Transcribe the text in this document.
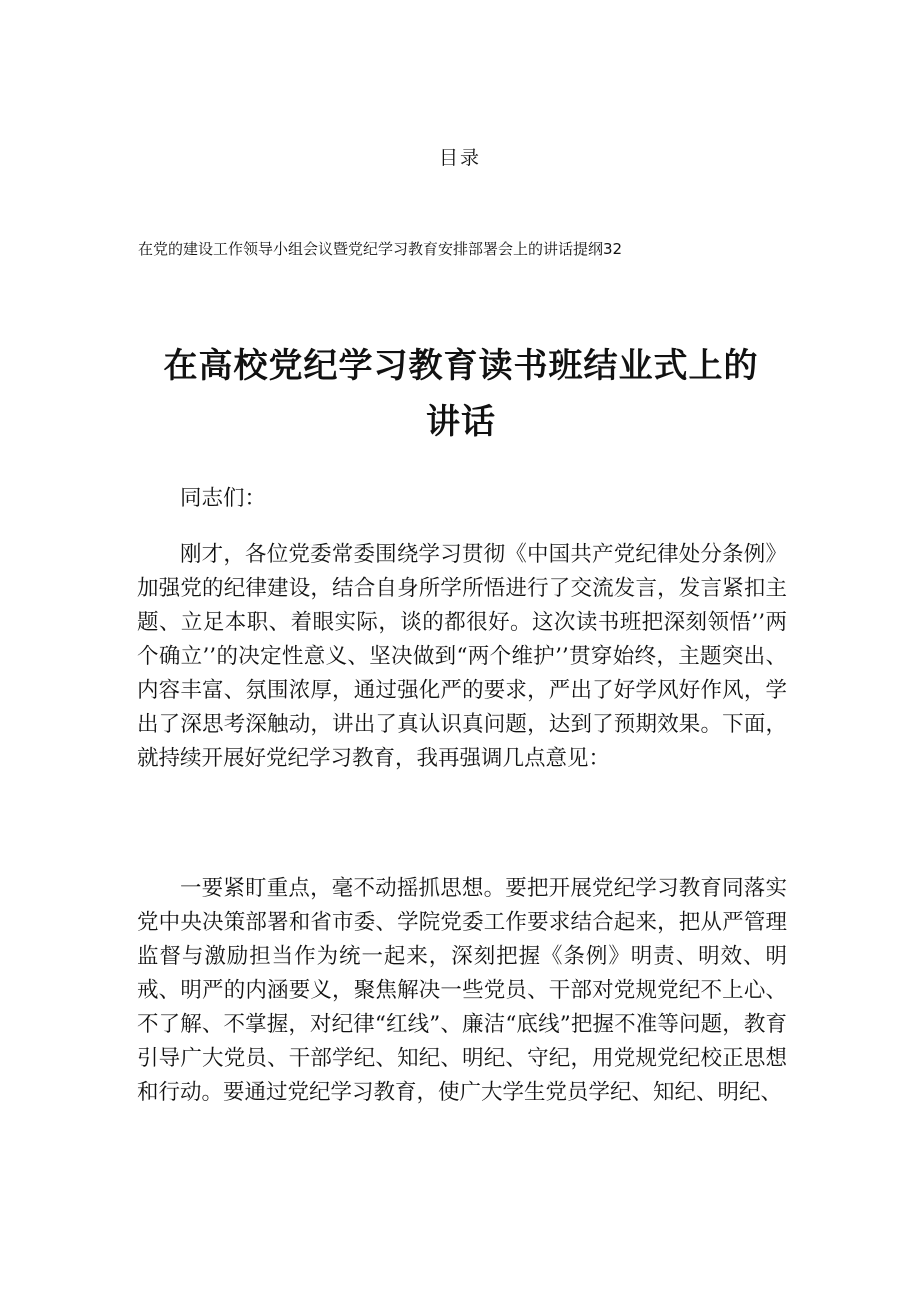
目录
在党的建设工作领导小组会议暨党纪学习教育安排部署会上的讲话提纲32
在高校党纪学习教育读书班结业式上的讲话

同志们：

刚才，各位党委常委围绕学习贯彻《中国共产党纪律处分条例》加强党的纪律建设，结合自身所学所悟进行了交流发言，发言紧扣主题、立足本职、着眼实际，谈的都很好。这次读书班把深刻领悟’’两个确立’’的决定性意义、坚决做到“两个维护’’贯穿始终，主题突出、内容丰富、氛围浓厚，通过强化严的要求，严出了好学风好作风，学出了深思考深触动，讲出了真认识真问题，达到了预期效果。下面，就持续开展好党纪学习教育，我再强调几点意见：

一要紧盯重点，毫不动摇抓思想。要把开展党纪学习教育同落实党中央决策部署和省市委、学院党委工作要求结合起来，把从严管理监督与激励担当作为统一起来，深刻把握《条例》明责、明效、明戒、明严的内涵要义，聚焦解决一些党员、干部对党规党纪不上心、不了解、不掌握，对纪律“红线”、廉洁“底线”把握不准等问题，教育引导广大党员、干部学纪、知纪、明纪、守纪，用党规党纪校正思想和行动。要通过党纪学习教育，使广大学生党员学纪、知纪、明纪、
